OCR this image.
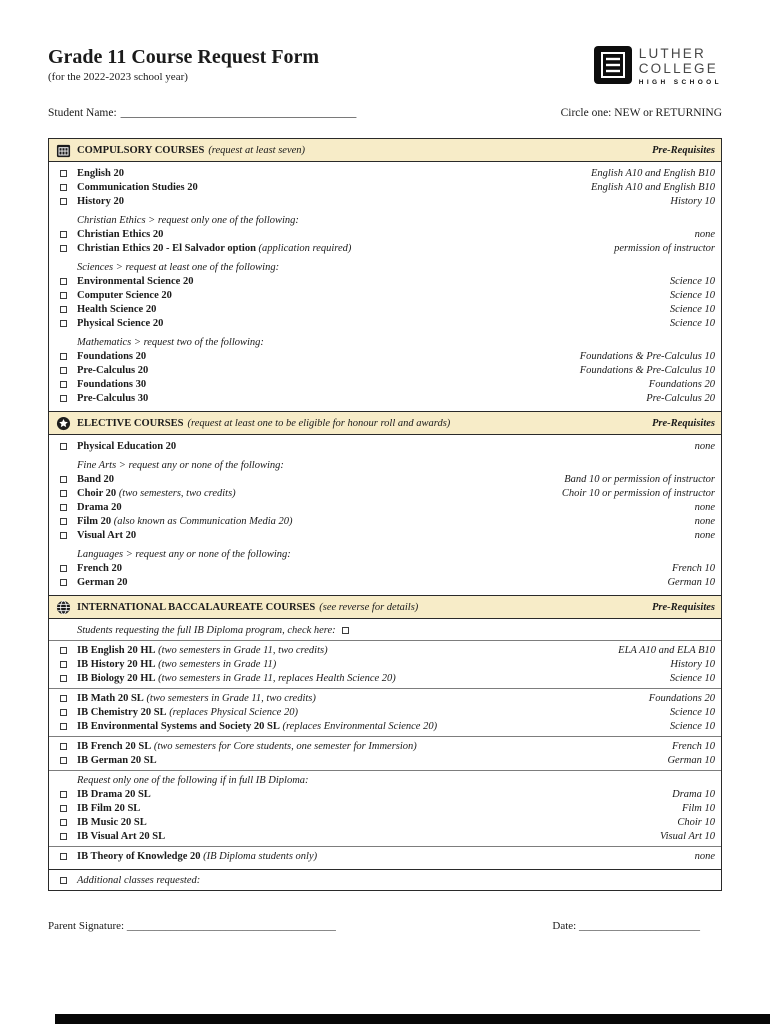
Grade 11 Course Request Form
(for the 2022-2023 school year)
LUTHER
COLLEGE
HIGH SCHOOL
Student Name: _________________________________________	Circle one: NEW or RETURNING
COMPULSORY COURSES (request at least seven)	Pre-Requisites
English 20	English A10 and English B10
Communication Studies 20	English A10 and English B10
History 20	History 10
Christian Ethics > request only one of the following:
Christian Ethics 20	none
Christian Ethics 20 - El Salvador option (application required)	permission of instructor
Sciences > request at least one of the following:
Environmental Science 20	Science 10
Computer Science 20	Science 10
Health Science 20	Science 10
Physical Science 20	Science 10
Mathematics > request two of the following:
Foundations 20	Foundations & Pre-Calculus 10
Pre-Calculus 20	Foundations & Pre-Calculus 10
Foundations 30	Foundations 20
Pre-Calculus 30	Pre-Calculus 20
ELECTIVE COURSES (request at least one to be eligible for honour roll and awards)	Pre-Requisites
Physical Education 20	none
Fine Arts > request any or none of the following:
Band 20	Band 10 or permission of instructor
Choir 20 (two semesters, two credits)	Choir 10 or permission of instructor
Drama 20	none
Film 20 (also known as Communication Media 20)	none
Visual Art 20	none
Languages > request any or none of the following:
French 20	French 10
German 20	German 10
INTERNATIONAL BACCALAUREATE COURSES (see reverse for details)	Pre-Requisites
Students requesting the full IB Diploma program, check here:
IB English 20 HL (two semesters in Grade 11, two credits)	ELA A10 and ELA B10
IB History 20 HL (two semesters in Grade 11)	History 10
IB Biology 20 HL (two semesters in Grade 11, replaces Health Science 20)	Science 10
IB Math 20 SL (two semesters in Grade 11, two credits)	Foundations 20
IB Chemistry 20 SL (replaces Physical Science 20)	Science 10
IB Environmental Systems and Society 20 SL (replaces Environmental Science 20)	Science 10
IB French 20 SL (two semesters for Core students, one semester for Immersion)	French 10
IB German 20 SL	German 10
Request only one of the following if in full IB Diploma:
IB Drama 20 SL	Drama 10
IB Film 20 SL	Film 10
IB Music 20 SL	Choir 10
IB Visual Art 20 SL	Visual Art 10
IB Theory of Knowledge 20 (IB Diploma students only)	none
Additional classes requested:
Parent Signature: ______________________________________	Date: ______________________
